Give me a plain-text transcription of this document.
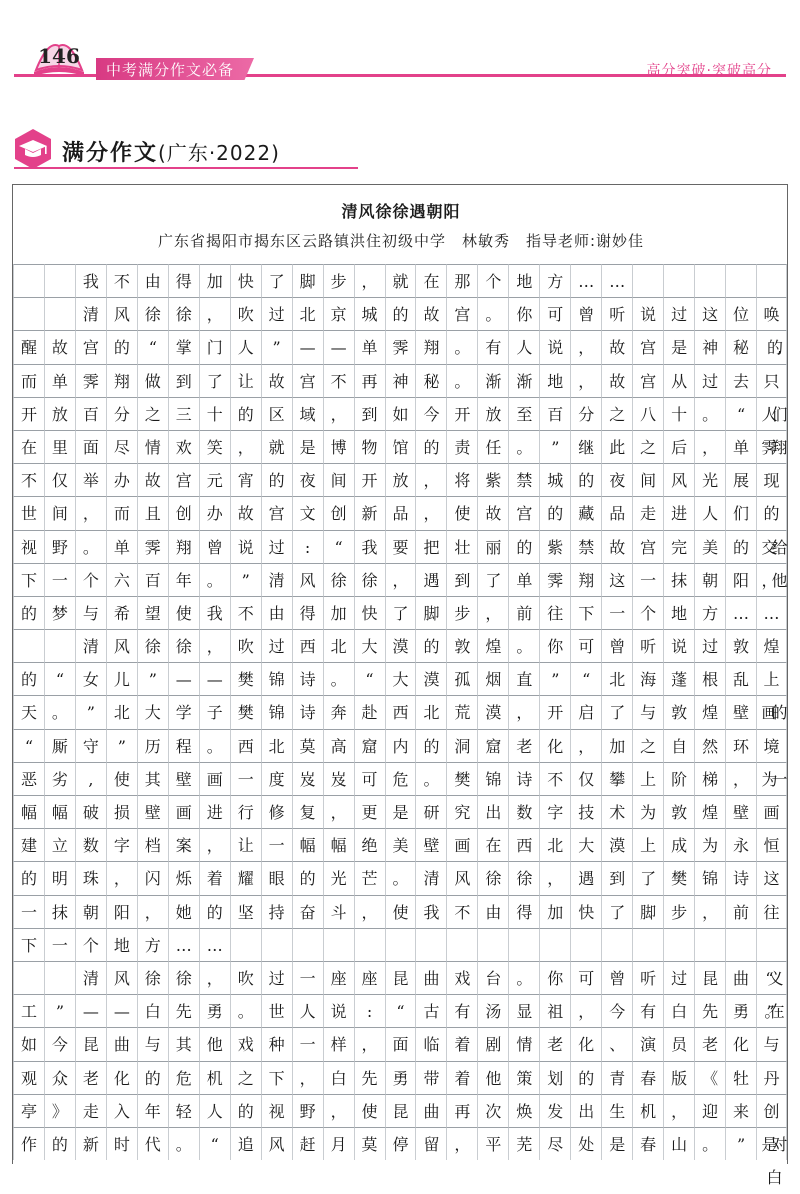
中考满分作文必备
146
高分突破·突破高分
满分作文(广东·2022)
清风徐徐遇朝阳
广东省揭阳市揭东区云路镇洪住初级中学　林敏秀　指导老师:谢妙佳
我 不 由 得 加 快 了 脚 步 ， 就 在 那 个 地 方 … …
清 风 徐 徐 ， 吹 过 北 京 城 的 故 宫 。 你 可 曾 听 说 过 这 位 唤
醒 故 宫 的	“	掌 门 人	”	— — 单 霁 翔 。 有 人 说 ， 故 宫 是 神 秘	的,
而 单 霁 翔 做 到 了 让 故 宫 不 再 神 秘 。 渐 渐 地 ， 故 宫 从 过 去 只
开 放 百 分 之 三 十 的 区 域 ， 到 如 今 开 放 至 百 分 之 八 十 。	“	人们
在 里 面 尽 情 欢 笑 ， 就 是 博 物 馆 的 责 任 。	”	继 此 之 后 ， 单 霁翔
不 仅 举 办 故 宫 元 宵 的 夜 间 开 放 ， 将 紫 禁 城 的 夜 间 风 光 展 现
世 间 ， 而 且 创 办 故 宫 文 创 新 品 ， 使 故 宫 的 藏 品 走 进 人 们 的
视 野 。 单 霁 翔 曾 说 过	:	“	我 要 把 壮 丽 的 紫 禁 故 宫 完 美 的 交给
下 一 个 六 百 年 。	”	清 风 徐 徐 ， 遇 到 了 单 霁 翔 这 一 抹 朝 阳 ，他
的 梦 与 希 望 使 我 不 由 得 加 快 了 脚 步 ， 前 往 下 一 个 地 方 … …
清 风 徐 徐 ， 吹 过 西 北 大 漠 的 敦 煌 。 你 可 曾 听 说 过 敦 煌
的	“	女 儿	”	— — 樊 锦 诗 。	“	大 漠 孤 烟 直	”	“	北 海 蓬 根 乱 上
天 。	”	北 大 学 子 樊 锦 诗 奔 赴 西 北 荒 漠 ， 开 启 了 与 敦 煌 壁 画的
“	厮 守	”	历 程 。 西 北 莫 高 窟 内 的 洞 窟 老 化 ， 加 之 自 然 环 境
恶 劣	,	使 其 壁 画 一 度 岌 岌 可 危 。 樊 锦 诗 不 仅 攀 上 阶 梯 ， 为一
幅 幅 破 损 壁 画 进 行 修 复 ， 更 是 研 究 出 数 字 技 术 为 敦 煌 壁 画
建 立 数 字 档 案 ， 让 一 幅 幅 绝 美 壁 画 在 西 北 大 漠 上 成 为 永 恒
的 明 珠 ， 闪 烁 着 耀 眼 的 光 芒 。 清 风 徐 徐 ， 遇 到 了 樊 锦 诗 这
一 抹 朝 阳 ， 她 的 坚 持 奋 斗 ， 使 我 不 由 得 加 快 了 脚 步 ， 前 往
下 一 个 地 方 … …
清 风 徐 徐 ， 吹 过 一 座 座 昆 曲 戏 台 。 你 可 曾 听 过 昆 曲	“义
工	”	— — 白 先 勇 。 世 人 说	:	“	古 有 汤 显 祖 ， 今 有 白 先 勇 。”在
如 今 昆 曲 与 其 他 戏 种 一 样 ， 面 临 着 剧 情 老 化 、 演 员 老 化 与
观 众 老 化 的 危 机 之 下 ， 白 先 勇 带 着 他 策 划 的 青 春 版 《 牡 丹
亭 》 走 入 年 轻 人 的 视 野 ， 使 昆 曲 再 次 焕 发 出 生 机 ， 迎 来 创
作 的 新 时 代 。	“	追 风 赶 月 莫 停 留 ， 平 芜 尽 处 是 春 山 。	”	是对白
